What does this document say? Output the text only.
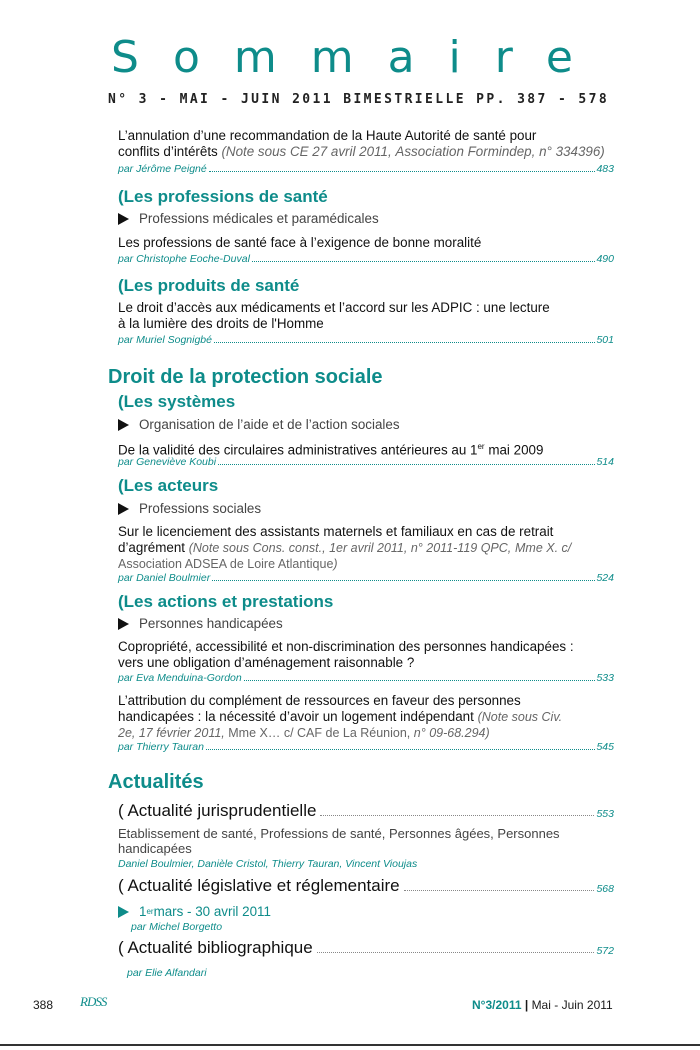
Sommaire
N° 3 - MAI - JUIN 2011 BIMESTRIELLE PP. 387 - 578
L’annulation d’une recommandation de la Haute Autorité de santé pour
conflits d’intérêts (Note sous CE 27 avril 2011, Association Formindep, n° 334396)
par Jérôme Peigné	483
(Les professions de santé
Professions médicales et paramédicales
Les professions de santé face à l’exigence de bonne moralité
par Christophe Eoche-Duval	490
(Les produits de santé
Le droit d’accès aux médicaments et l’accord sur les ADPIC : une lecture
à la lumière des droits de l'Homme
par Muriel Sognigbé	501
Droit de la protection sociale
(Les systèmes
Organisation de l’aide et de l’action sociales
De la validité des circulaires administratives antérieures au 1er mai 2009
par Geneviève Koubi	514
(Les acteurs
Professions sociales
Sur le licenciement des assistants maternels et familiaux en cas de retrait
d’agrément (Note sous Cons. const., 1er avril 2011, n° 2011-119 QPC, Mme X. c/
Association ADSEA de Loire Atlantique)
par Daniel Boulmier	524
(Les actions et prestations
Personnes handicapées
Copropriété, accessibilité et non-discrimination des personnes handicapées :
vers une obligation d’aménagement raisonnable ?
par Eva Menduina-Gordon	533
L’attribution du complément de ressources en faveur des personnes
handicapées : la nécessité d’avoir un logement indépendant (Note sous Civ.
2e, 17 février 2011, Mme X… c/ CAF de La Réunion, n° 09-68.294)
par Thierry Tauran	545
Actualités
( Actualité jurisprudentielle	553
Etablissement de santé, Professions de santé, Personnes âgées, Personnes
handicapées
Daniel Boulmier, Danièle Cristol, Thierry Tauran, Vincent Vioujas
( Actualité législative et réglementaire	568
1 er mars - 30 avril 2011
par Michel Borgetto
( Actualité bibliographique	572
par Elie Alfandari
388 RDSS	N°3/2011 | Mai - Juin 2011
